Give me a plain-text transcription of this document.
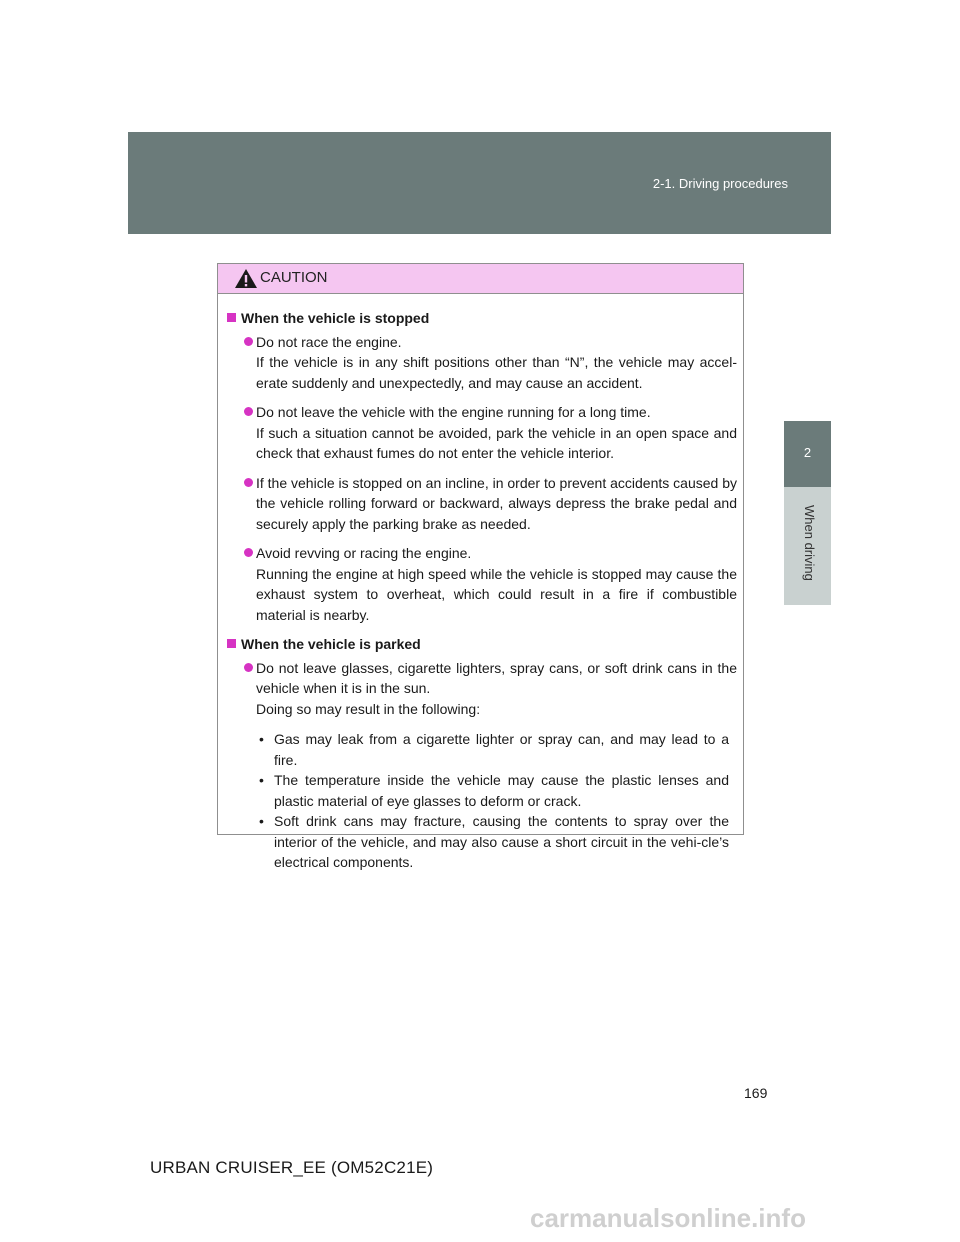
2-1. Driving procedures
2
When driving
CAUTION
When the vehicle is stopped

Do not race the engine.

If the vehicle is in any shift positions other than “N”, the vehicle may accel-erate suddenly and unexpectedly, and may cause an accident.

Do not leave the vehicle with the engine running for a long time.

If such a situation cannot be avoided, park the vehicle in an open space and check that exhaust fumes do not enter the vehicle interior.

If the vehicle is stopped on an incline, in order to prevent accidents caused by the vehicle rolling forward or backward, always depress the brake pedal and securely apply the parking brake as needed.

Avoid revving or racing the engine.

Running the engine at high speed while the vehicle is stopped may cause the exhaust system to overheat, which could result in a fire if combustible material is nearby.

When the vehicle is parked

Do not leave glasses, cigarette lighters, spray cans, or soft drink cans in the vehicle when it is in the sun.

Doing so may result in the following:

• Gas may leak from a cigarette lighter or spray can, and may lead to a fire.
• The temperature inside the vehicle may cause the plastic lenses and plastic material of eye glasses to deform or crack.
• Soft drink cans may fracture, causing the contents to spray over the interior of the vehicle, and may also cause a short circuit in the vehi-cle’s electrical components.
169
URBAN CRUISER_EE (OM52C21E)
carmanualsonline.info
